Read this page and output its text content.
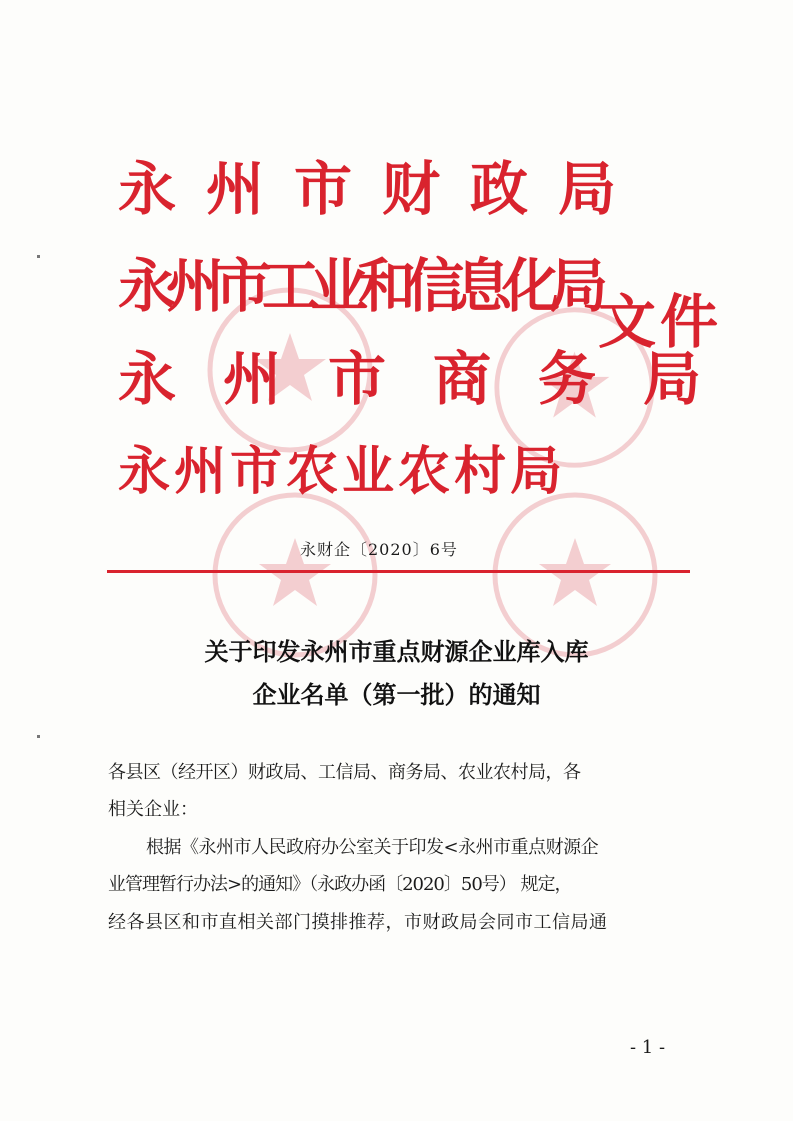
永州市财政局
永州市工业和信息化局
永州市商务局
永州市农业农村局
文件
永财企〔2020〕6号
关于印发永州市重点财源企业库入库
企业名单（第一批）的通知
各县区（经开区）财政局、工信局、商务局、农业农村局，各
相关企业：
根据《永州市人民政府办公室关于印发<永州市重点财源企
业管理暂行办法>的通知》（永政办函〔2020〕50号） 规定，
经各县区和市直相关部门摸排推荐，市财政局会同市工信局通
- 1 -
